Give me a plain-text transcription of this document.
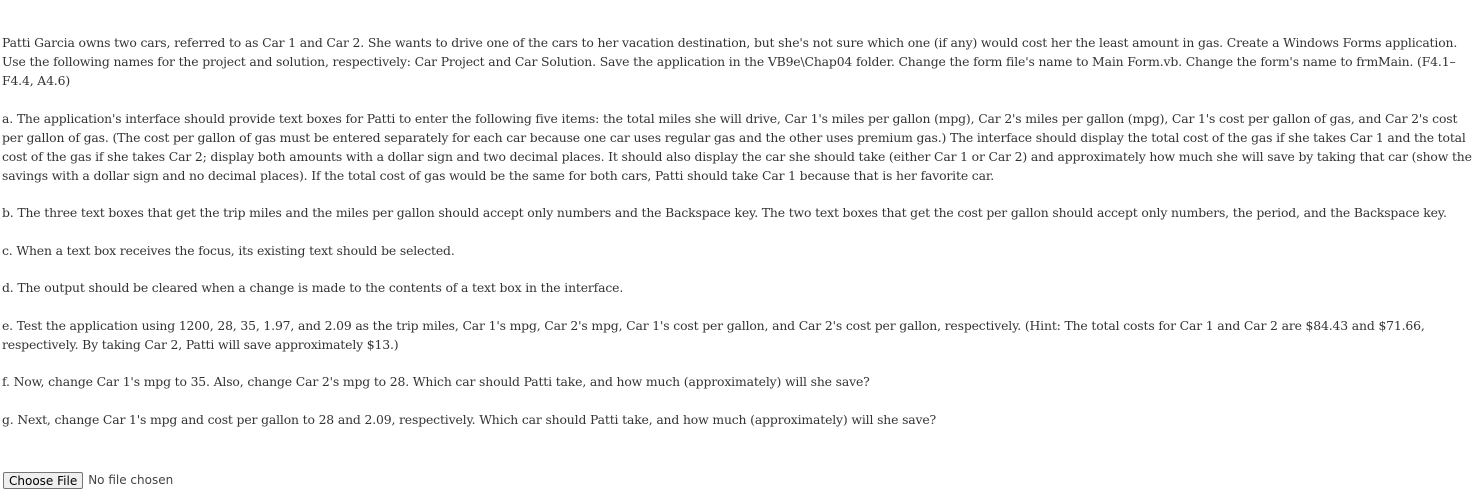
Patti Garcia owns two cars, referred to as Car 1 and Car 2. She wants to drive one of the cars to her vacation destination, but she's not sure which one (if any) would cost her the least amount in gas. Create a Windows Forms application. Use the following names for the project and solution, respectively: Car Project and Car Solution. Save the application in the VB9e\Chap04 folder. Change the form file's name to Main Form.vb. Change the form's name to frmMain. (F4.1–F4.4, A4.6)

a. The application's interface should provide text boxes for Patti to enter the following five items: the total miles she will drive, Car 1's miles per gallon (mpg), Car 2's miles per gallon (mpg), Car 1's cost per gallon of gas, and Car 2's cost per gallon of gas. (The cost per gallon of gas must be entered separately for each car because one car uses regular gas and the other uses premium gas.) The interface should display the total cost of the gas if she takes Car 1 and the total cost of the gas if she takes Car 2; display both amounts with a dollar sign and two decimal places. It should also display the car she should take (either Car 1 or Car 2) and approximately how much she will save by taking that car (show the savings with a dollar sign and no decimal places). If the total cost of gas would be the same for both cars, Patti should take Car 1 because that is her favorite car.

b. The three text boxes that get the trip miles and the miles per gallon should accept only numbers and the Backspace key. The two text boxes that get the cost per gallon should accept only numbers, the period, and the Backspace key.

c. When a text box receives the focus, its existing text should be selected.

d. The output should be cleared when a change is made to the contents of a text box in the interface.

e. Test the application using 1200, 28, 35, 1.97, and 2.09 as the trip miles, Car 1's mpg, Car 2's mpg, Car 1's cost per gallon, and Car 2's cost per gallon, respectively. (Hint: The total costs for Car 1 and Car 2 are $84.43 and $71.66, respectively. By taking Car 2, Patti will save approximately $13.)

f. Now, change Car 1's mpg to 35. Also, change Car 2's mpg to 28. Which car should Patti take, and how much (approximately) will she save?

g. Next, change Car 1's mpg and cost per gallon to 28 and 2.09, respectively. Which car should Patti take, and how much (approximately) will she save?

Choose File No file chosen
